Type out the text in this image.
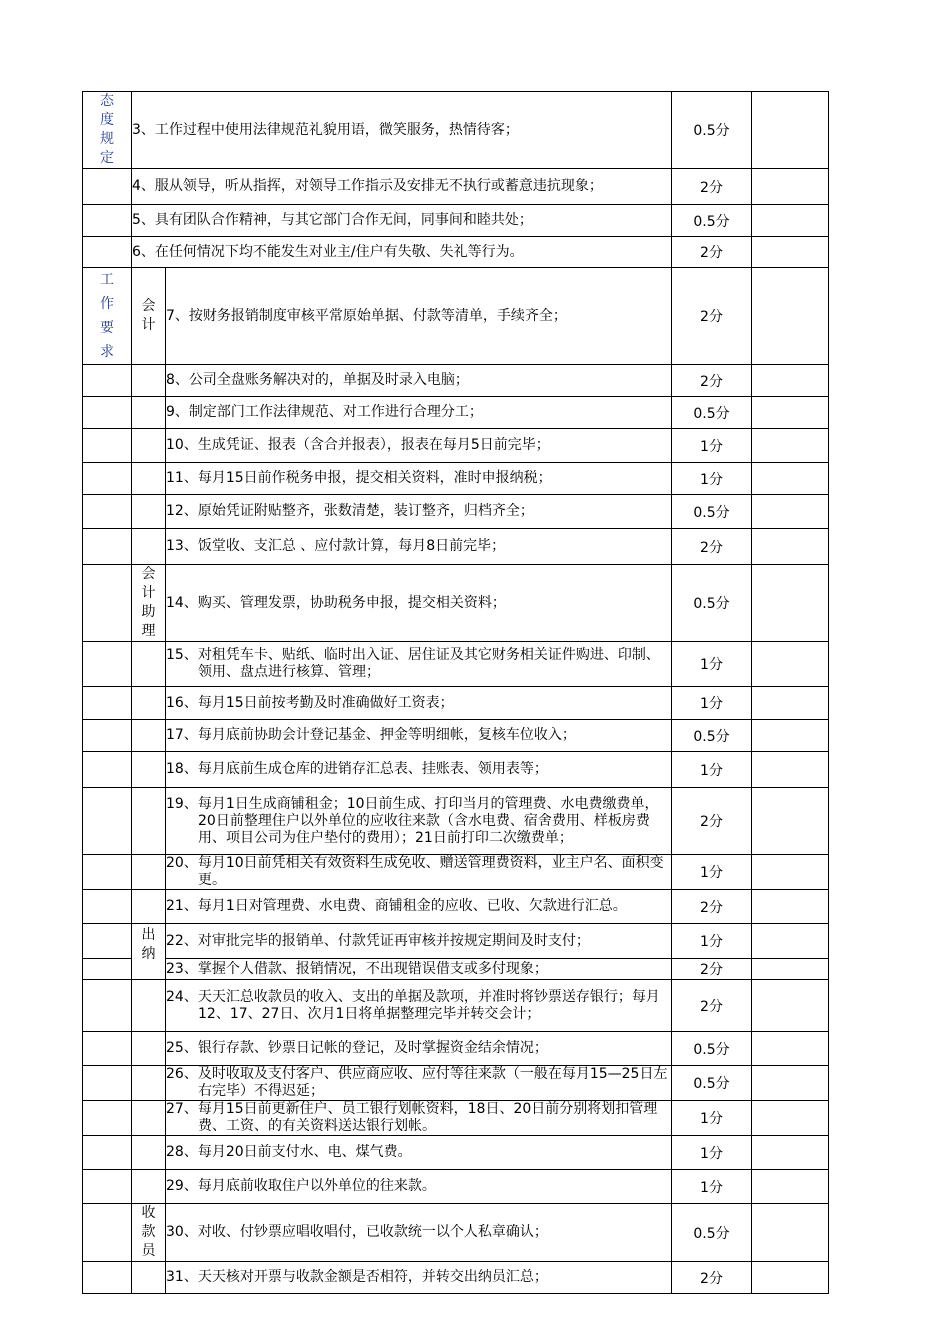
态度规定	3、工作过程中使用法律规范礼貌用语，微笑服务，热情待客；		0.5分	

	4、服从领导，听从指挥，对领导工作指示及安排无不执行或蓄意违抗现象；		2分	

	5、具有团队合作精神，与其它部门合作无间，同事间和睦共处；		0.5分	

	6、在任何情况下均不能发生对业主/住户有失敬、失礼等行为。		2分	
工作要求	会计	7、按财务报销制度审核平常原始单据、付款等清单，手续齐全；	2分	

		8、公司全盘账务解决对的，单据及时录入电脑；	2分	

		9、制定部门工作法律规范、对工作进行合理分工；	0.5分	

		10、生成凭证、报表（含合并报表），报表在每月5日前完毕；	1分	

		11、每月15日前作税务申报，提交相关资料，准时申报纳税；	1分	

		12、原始凭证附贴整齐，张数清楚，装订整齐，归档齐全；	0.5分	

		13、饭堂收、支汇总 、应付款计算，每月8日前完毕；	2分	
	会计助理	14、购买、管理发票，协助税务申报，提交相关资料；	0.5分	

		15、对租凭车卡、贴纸、临时出入证、居住证及其它财务相关证件购进、印制、领用、盘点进行核算、管理；	1分	

		16、每月15日前按考勤及时准确做好工资表；	1分	

		17、每月底前协助会计登记基金、押金等明细帐，复核车位收入；	0.5分	

		18、每月底前生成仓库的进销存汇总表、挂账表、领用表等；	1分	

		19、每月1日生成商铺租金；10日前生成、打印当月的管理费、水电费缴费单，20日前整理住户以外单位的应收往来款（含水电费、宿舍费用、样板房费用、项目公司为住户垫付的费用）；21日前打印二次缴费单；	2分	

		20、每月10日前凭相关有效资料生成免收、赠送管理费资料，业主户名、面积变更。	1分	

		21、每月1日对管理费、水电费、商铺租金的应收、已收、欠款进行汇总。	2分	
	出纳	22、对审批完毕的报销单、付款凭证再审核并按规定期间及时支付；	1分	

		23、掌握个人借款、报销情况，不出现错误借支或多付现象；	2分	

		24、天天汇总收款员的收入、支出的单据及款项，并准时将钞票送存银行；每月12、17、27日、次月1日将单据整理完毕并转交会计；	2分	

		25、银行存款、钞票日记帐的登记，及时掌握资金结余情况；	0.5分	

		26、及时收取及支付客户、供应商应收、应付等往来款（一般在每月15—25日左右完毕）不得迟延；	0.5分	

		27、每月15日前更新住户、员工银行划帐资料，18日、20日前分别将划扣管理费、工资、的有关资料送达银行划帐。	1分	

		28、每月20日前支付水、电、煤气费。	1分	

		29、每月底前收取住户以外单位的往来款。	1分	
	收款员	30、对收、付钞票应唱收唱付，已收款统一以个人私章确认；	0.5分	

		31、天天核对开票与收款金额是否相符，并转交出纳员汇总；	2分	
